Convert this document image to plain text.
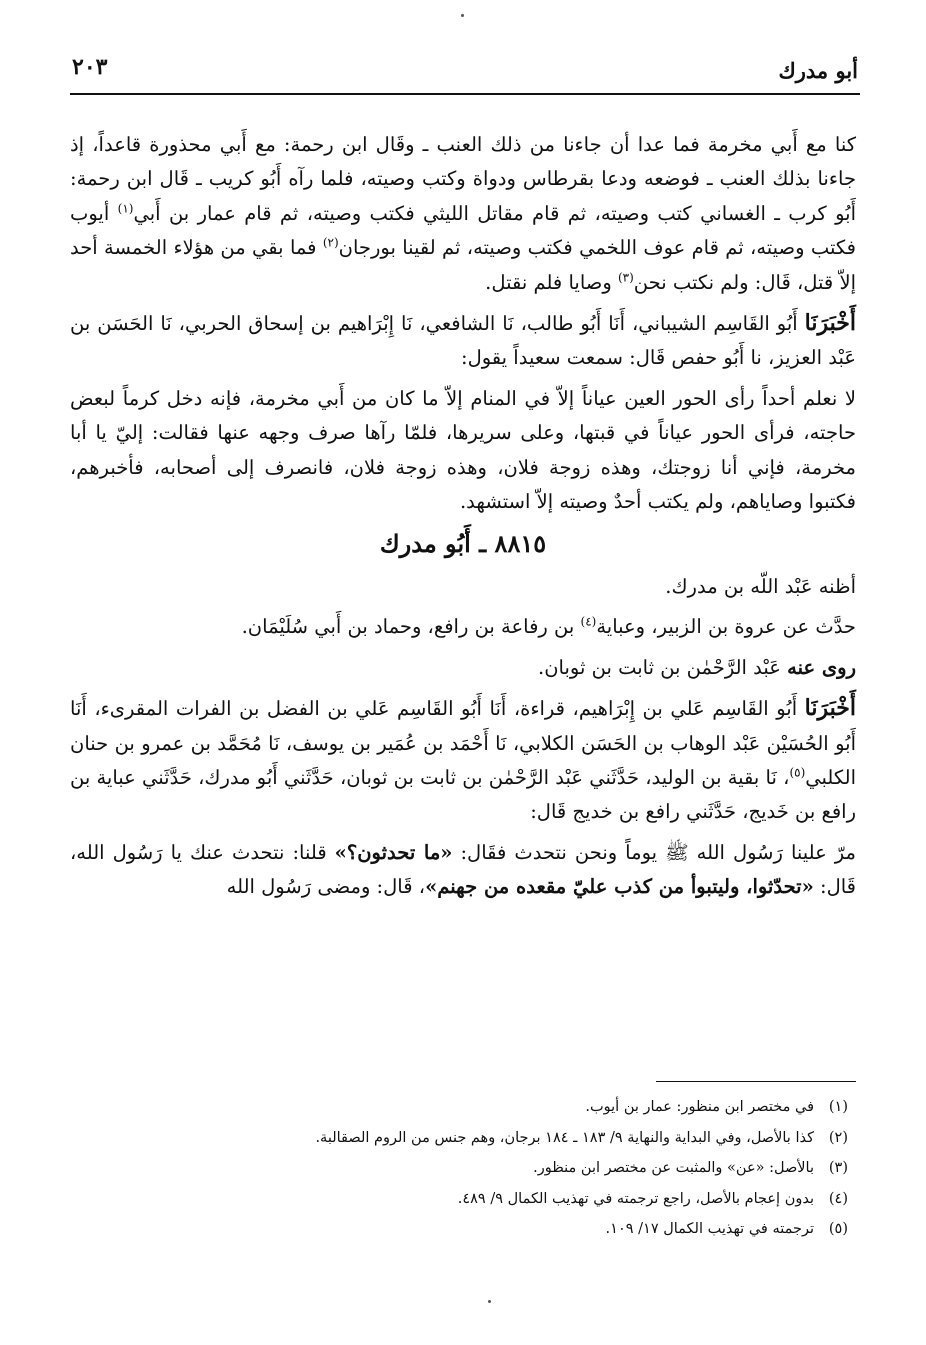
أبو مدرك
٢٠٣

كنا مع أَبي مخرمة فما عدا أن جاءنا من ذلك العنب ـ وقَال ابن رحمة: مع أَبي محذورة قاعداً، إذ جاءنا بذلك العنب ـ فوضعه ودعا بقرطاس ودواة وكتب وصيته، فلما رآه أَبُو كريب ـ قَال ابن رحمة: أَبُو كرب ـ الغساني كتب وصيته، ثم قام مقاتل الليثي فكتب وصيته، ثم قام عمار بن أَبي$^{(١)}$ أيوب فكتب وصيته، ثم قام عوف اللخمي فكتب وصيته، ثم لقينا بورجان$^{(٢)}$ فما بقي من هؤلاء الخمسة أحد إلاّ قتل، قَال: ولم نكتب نحن$^{(٣)}$ وصايا فلم نقتل.

أَخْبَرَنَا أَبُو القَاسِم الشيباني، أَنَا أَبُو طالب، نَا الشافعي، نَا إِبْرَاهيم بن إسحاق الحربي، نَا الحَسَن بن عَبْد العزيز، نا أَبُو حفص قَال: سمعت سعيداً يقول:

لا نعلم أحداً رأى الحور العين عياناً إلاّ في المنام إلاّ ما كان من أَبي مخرمة، فإنه دخل كرماً لبعض حاجته، فرأى الحور عياناً في قبتها، وعلى سريرها، فلمّا رآها صرف وجهه عنها فقالت: إليّ يا أبا مخرمة، فإني أنا زوجتك، وهذه زوجة فلان، وهذه زوجة فلان، فانصرف إلى أصحابه، فأخبرهم، فكتبوا وصاياهم، ولم يكتب أحدٌ وصيته إلاّ استشهد.

٨٨١٥ ـ أَبُو مدرك

أظنه عَبْد اللّه بن مدرك.

حدَّث عن عروة بن الزبير، وعباية$^{(٤)}$ بن رفاعة بن رافع، وحماد بن أَبي سُلَيْمَان.

روى عنه عَبْد الرَّحْمٰن بن ثابت بن ثوبان.

أَخْبَرَنَا أَبُو القَاسِم عَلي بن إِبْرَاهيم، قراءة، أَنَا أَبُو القَاسِم عَلي بن الفضل بن الفرات المقرىء، أَنَا أَبُو الحُسَيْن عَبْد الوهاب بن الحَسَن الكلابي، نَا أَحْمَد بن عُمَير بن يوسف، نَا مُحَمَّد بن عمرو بن حنان الكلبي$^{(٥)}$، نَا بقية بن الوليد، حَدَّثَني عَبْد الرَّحْمٰن بن ثابت بن ثوبان، حَدَّثَني أَبُو مدرك، حَدَّثَني عباية بن رافع بن خَديج، حَدَّثَني رافع بن خديج قَال:

مرّ علينا رَسُول الله ﷺ يوماً ونحن نتحدث فقَال: «ما تحدثون؟» قلنا: نتحدث عنك يا رَسُول الله، قَال: «تحدّثوا، وليتبوأ من كذب عليّ مقعده من جهنم»، قَال: ومضى رَسُول الله

(١)
في مختصر ابن منظور: عمار بن أيوب.
(٢)
كذا بالأصل، وفي البداية والنهاية ٩/ ١٨٣ ـ ١٨٤ برجان، وهم جنس من الروم الصقالبة.
(٣)
بالأصل: «عن» والمثبت عن مختصر ابن منظور.
(٤)
بدون إعجام بالأصل، راجع ترجمته في تهذيب الكمال ٩/ ٤٨٩.
(٥)
ترجمته في تهذيب الكمال ١٧/ ١٠٩.
